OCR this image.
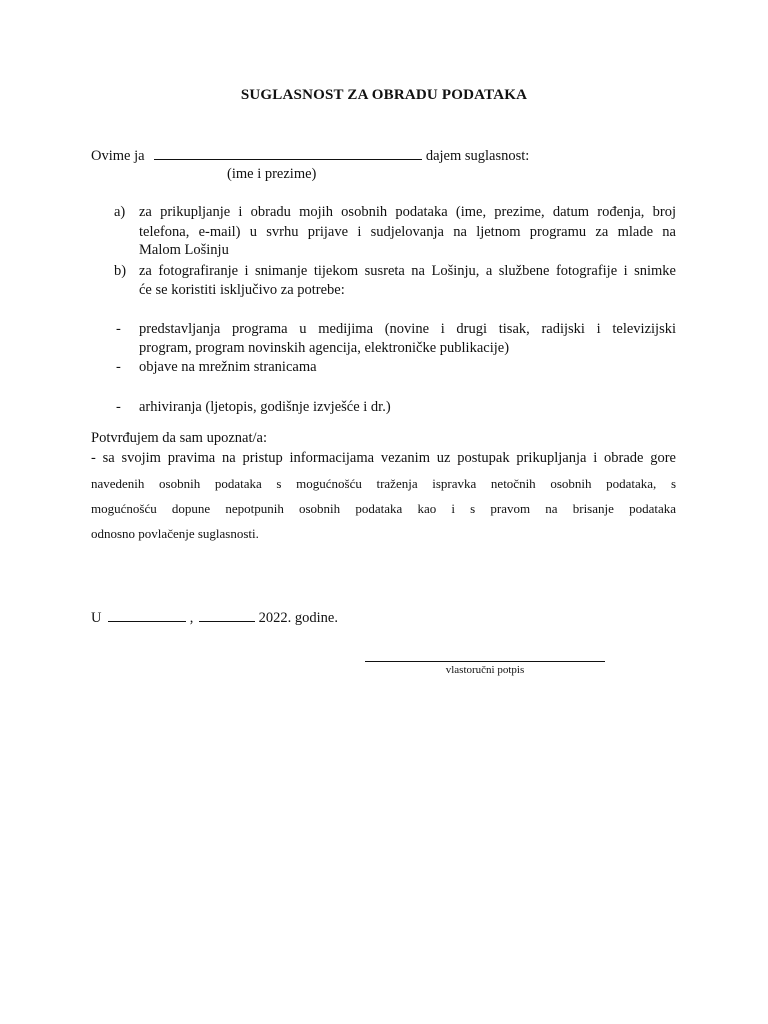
SUGLASNOST ZA OBRADU PODATAKA
Ovime ja	dajem suglasnost:
(ime i prezime)
a) za prikupljanje i obradu mojih osobnih podataka (ime, prezime, datum rođenja, broj
telefona, e-mail) u svrhu prijave i sudjelovanja na ljetnom programu za mlade na
Malom Lošinju
b) za fotografiranje i snimanje tijekom susreta na Lošinju, a službene fotografije i snimke
će se koristiti isključivo za potrebe:
- predstavljanja programa u medijima (novine i drugi tisak, radijski i televizijski
program, program novinskih agencija, elektroničke publikacije)
- objave na mrežnim stranicama
- arhiviranja (ljetopis, godišnje izvješće i dr.)
Potvrđujem da sam upoznat/a:
- sa svojim pravima na pristup informacijama vezanim uz postupak prikupljanja i obrade gore
navedenih osobnih podataka s mogućnošću traženja ispravka netočnih osobnih podataka, s
mogućnošću dopune nepotpunih osobnih podataka kao i s pravom na brisanje podataka
odnosno povlačenje suglasnosti.
U	,	2022. godine.
vlastoručni potpis
